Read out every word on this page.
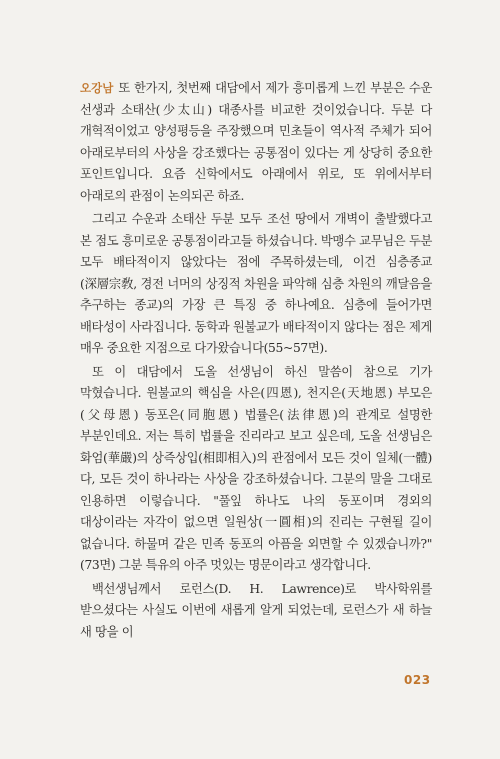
오강남 또 한가지, 첫번째 대담에서 제가 흥미롭게 느낀 부분은 수운 선생과 소태산(少太山) 대종사를 비교한 것이었습니다. 두분 다 개혁적이었고 양성평등을 주장했으며 민초들이 역사적 주체가 되어 아래로부터의 사상을 강조했다는 공통점이 있다는 게 상당히 중요한 포인트입니다. 요즘 신학에서도 아래에서 위로, 또 위에서부터 아래로의 관점이 논의되곤 하죠.

그리고 수운과 소태산 두분 모두 조선 땅에서 개벽이 출발했다고 본 점도 흥미로운 공통점이라고들 하셨습니다. 박맹수 교무님은 두분 모두 배타적이지 않았다는 점에 주목하셨는데, 이건 심층종교(深層宗敎, 경전 너머의 상징적 차원을 파악해 심층 차원의 깨달음을 추구하는 종교)의 가장 큰 특징 중 하나예요. 심층에 들어가면 배타성이 사라집니다. 동학과 원불교가 배타적이지 않다는 점은 제게 매우 중요한 지점으로 다가왔습니다(55~57면).

또 이 대담에서 도올 선생님이 하신 말씀이 참으로 기가 막혔습니다. 원불교의 핵심을 사은(四恩), 천지은(天地恩) 부모은(父母恩) 동포은(同胞恩) 법률은(法律恩)의 관계로 설명한 부분인데요. 저는 특히 법률을 진리라고 보고 싶은데, 도올 선생님은 화엄(華嚴)의 상즉상입(相即相入)의 관점에서 모든 것이 일체(一體)다, 모든 것이 하나라는 사상을 강조하셨습니다. 그분의 말을 그대로 인용하면 이렇습니다. "풀잎 하나도 나의 동포이며 경외의 대상이라는 자각이 없으면 일원상(一圓相)의 진리는 구현될 길이 없습니다. 하물며 같은 민족 동포의 아픔을 외면할 수 있겠습니까?"(73면) 그분 특유의 아주 멋있는 명문이라고 생각합니다.

백선생님께서 로런스(D. H. Lawrence)로 박사학위를 받으셨다는 사실도 이번에 새롭게 알게 되었는데, 로런스가 새 하늘 새 땅을 이

023
